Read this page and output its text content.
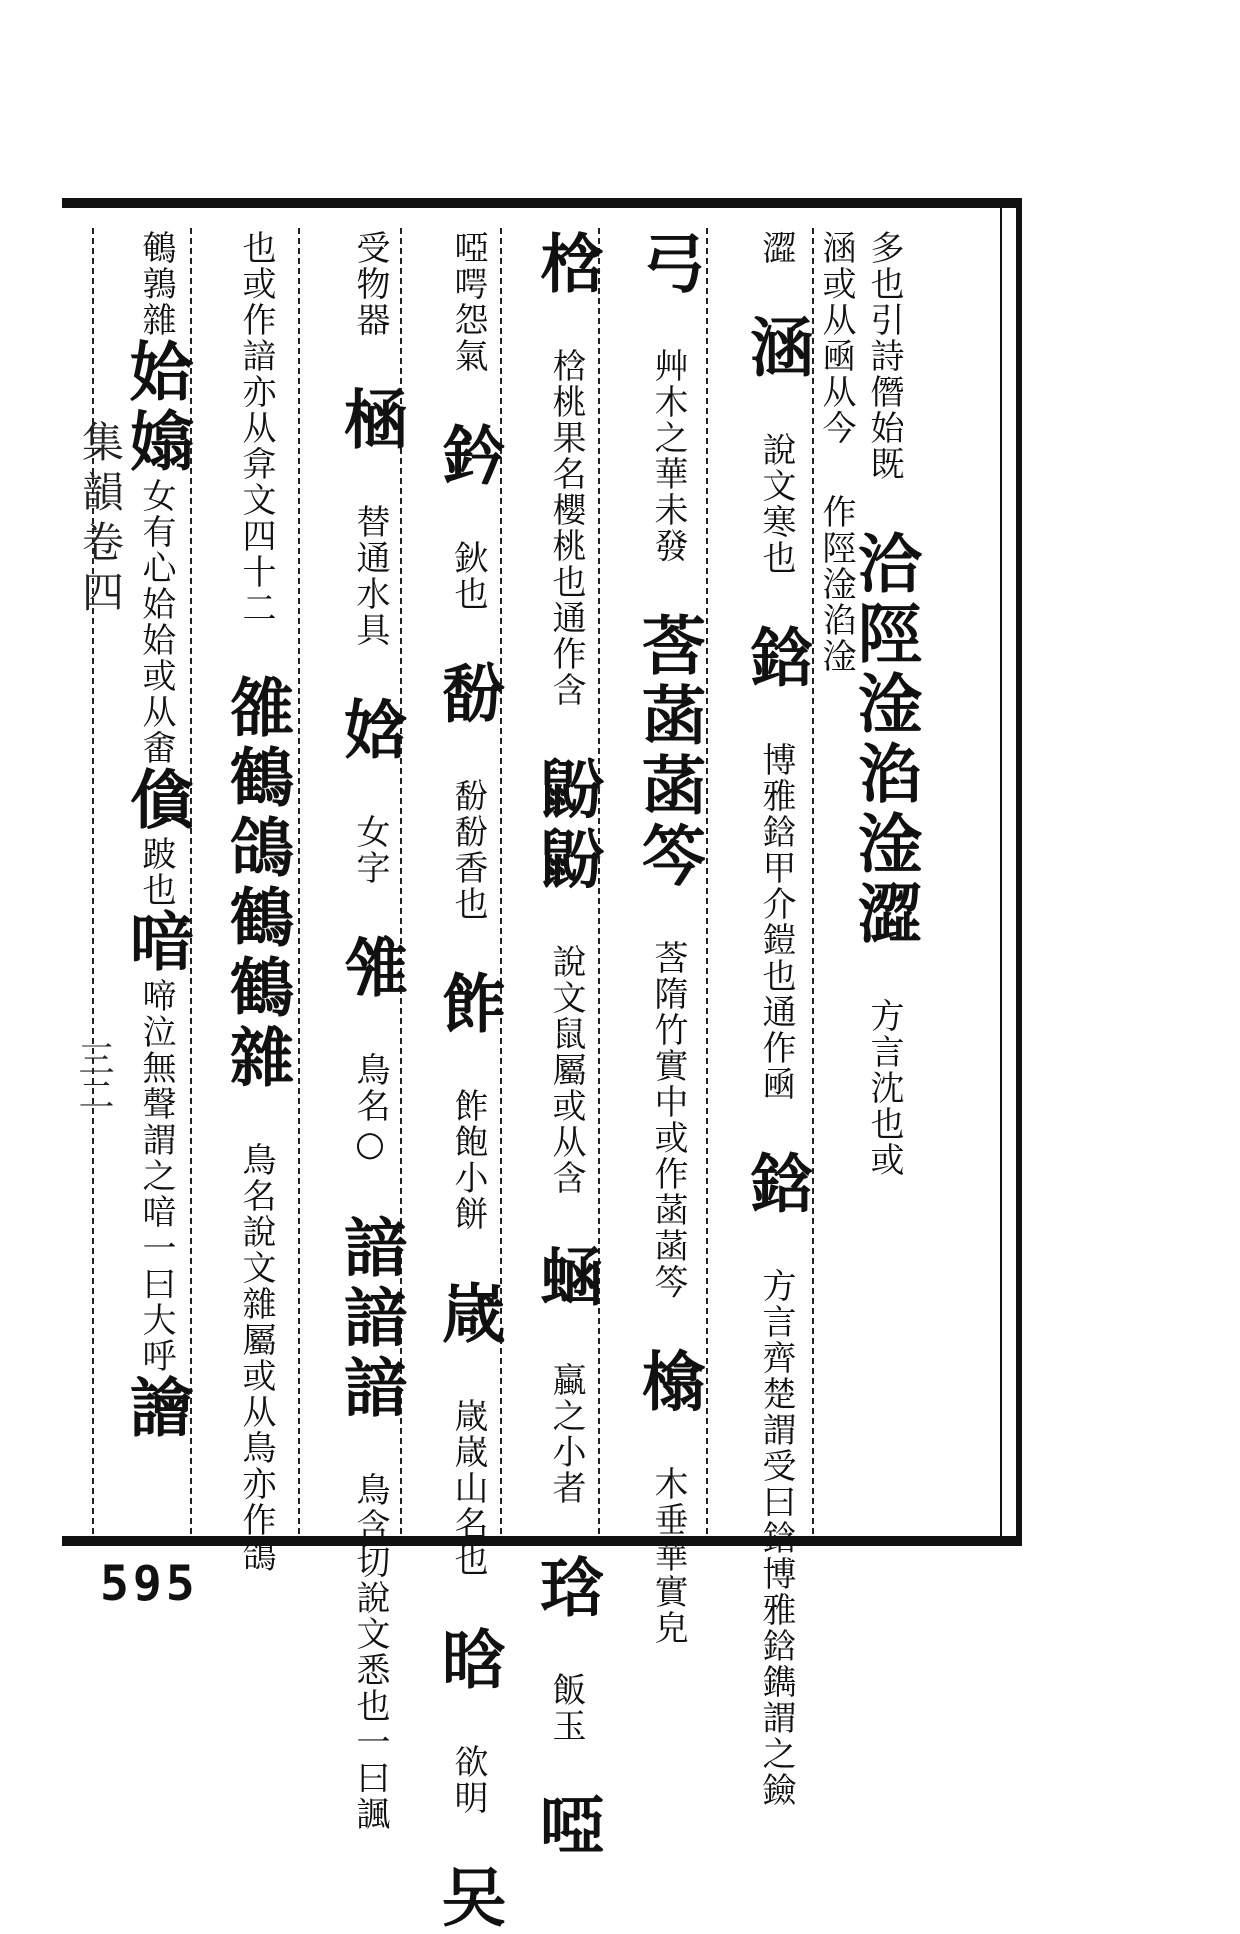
集韻卷四
三二
多也引詩僭始既 洽陘淦淊淦澀 方言沈也或
涵或从凾从今 作陘淦淊淦
澀 涵 說文寒也 鋡 博雅鋡甲介鎧也通作凾 鋡 方言齊楚謂受曰鋡博雅鋡鐫謂之鐱
弓 艸木之華未發 莟菡菡笒 莟隋竹實中或作菡菡笒 㯓 木垂華實皃
梒 梒桃果名櫻桃也通作含 鼢鼢 說文鼠屬或从含 蜬 蠃之小者 琀 飯玉 啞
啞㗁怨氣 鈐 鈥也 馚 馚馚香也 飵 飵飽小餅 嵅 嵅嵅山名也 晗 欲明 㕦
受物器 㮀 替通水具 娢 女字 雂 鳥名○ 諳諳諳 鳥含切說文悉也一曰諷
也或作諳亦从弇文四十二 雒鶴鴿鶴鶴雜 鳥名說文雜屬或从鳥亦作鴿
595
鵪鶉雜姶嬆女有心姶姶或从畬僋跛也喑啼泣無聲謂之喑一曰大呼譮
